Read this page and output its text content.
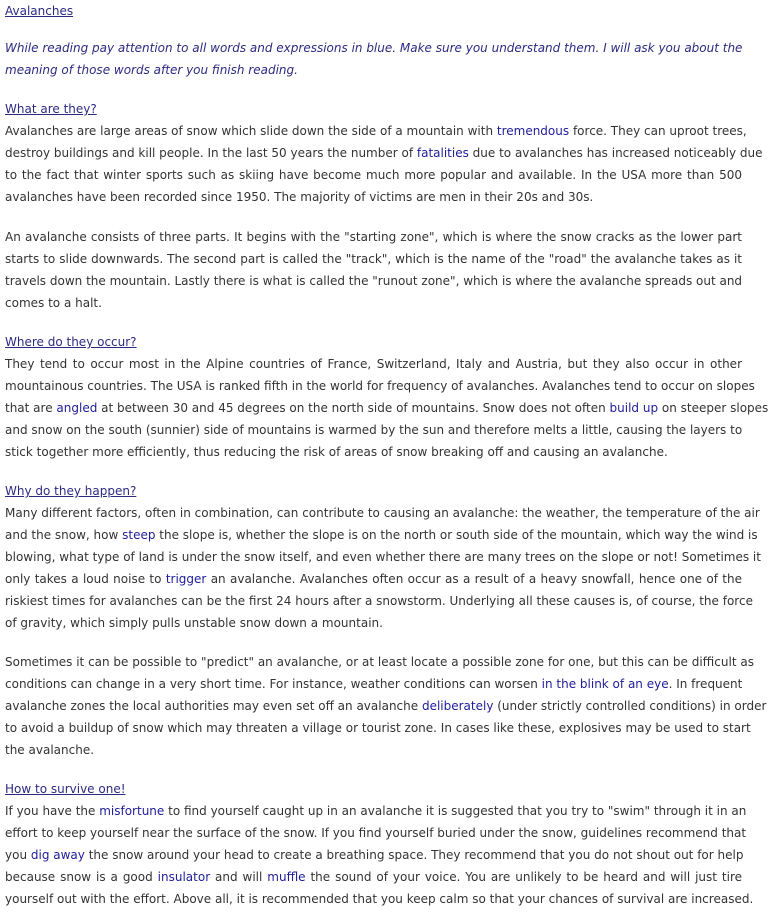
Avalanches
While reading pay attention to all words and expressions in blue. Make sure you understand them. I will ask you about the
meaning of those words after you finish reading.
What are they?
Avalanches are large areas of snow which slide down the side of a mountain with tremendous force. They can uproot trees,
destroy buildings and kill people. In the last 50 years the number of fatalities due to avalanches has increased noticeably due
to the fact that winter sports such as skiing have become much more popular and available. In the USA more than 500
avalanches have been recorded since 1950. The majority of victims are men in their 20s and 30s.
An avalanche consists of three parts. It begins with the "starting zone", which is where the snow cracks as the lower part
starts to slide downwards. The second part is called the "track", which is the name of the "road" the avalanche takes as it
travels down the mountain. Lastly there is what is called the "runout zone", which is where the avalanche spreads out and
comes to a halt.
Where do they occur?
They tend to occur most in the Alpine countries of France, Switzerland, Italy and Austria, but they also occur in other
mountainous countries. The USA is ranked fifth in the world for frequency of avalanches. Avalanches tend to occur on slopes
that are angled at between 30 and 45 degrees on the north side of mountains. Snow does not often build up on steeper slopes
and snow on the south (sunnier) side of mountains is warmed by the sun and therefore melts a little, causing the layers to
stick together more efficiently, thus reducing the risk of areas of snow breaking off and causing an avalanche.
Why do they happen?
Many different factors, often in combination, can contribute to causing an avalanche: the weather, the temperature of the air
and the snow, how steep the slope is, whether the slope is on the north or south side of the mountain, which way the wind is
blowing, what type of land is under the snow itself, and even whether there are many trees on the slope or not! Sometimes it
only takes a loud noise to trigger an avalanche. Avalanches often occur as a result of a heavy snowfall, hence one of the
riskiest times for avalanches can be the first 24 hours after a snowstorm. Underlying all these causes is, of course, the force
of gravity, which simply pulls unstable snow down a mountain.
Sometimes it can be possible to "predict" an avalanche, or at least locate a possible zone for one, but this can be difficult as
conditions can change in a very short time. For instance, weather conditions can worsen in the blink of an eye. In frequent
avalanche zones the local authorities may even set off an avalanche deliberately (under strictly controlled conditions) in order
to avoid a buildup of snow which may threaten a village or tourist zone. In cases like these, explosives may be used to start
the avalanche.
How to survive one!
If you have the misfortune to find yourself caught up in an avalanche it is suggested that you try to "swim" through it in an
effort to keep yourself near the surface of the snow. If you find yourself buried under the snow, guidelines recommend that
you dig away the snow around your head to create a breathing space. They recommend that you do not shout out for help
because snow is a good insulator and will muffle the sound of your voice. You are unlikely to be heard and will just tire
yourself out with the effort. Above all, it is recommended that you keep calm so that your chances of survival are increased.
